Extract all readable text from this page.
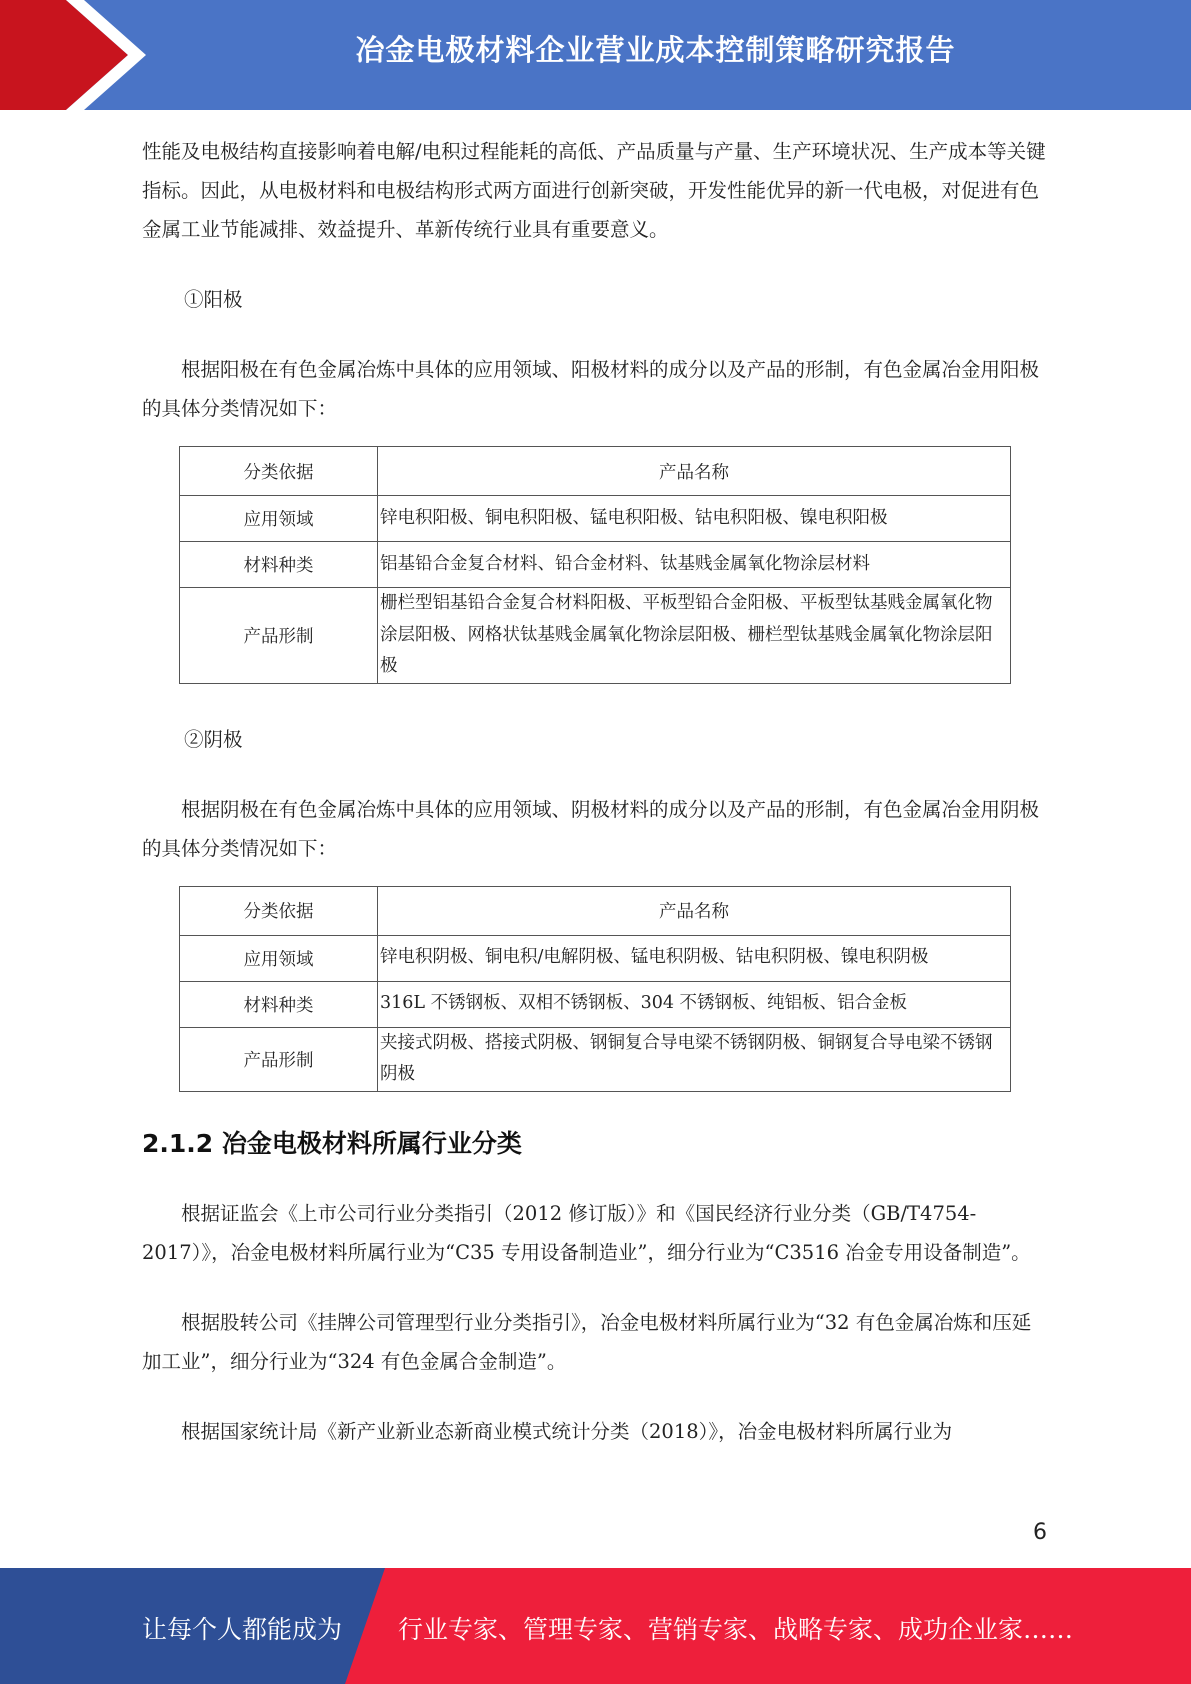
冶金电极材料企业营业成本控制策略研究报告

性能及电极结构直接影响着电解/电积过程能耗的高低、产品质量与产量、生产环境状况、生产成本等关键指标。因此，从电极材料和电极结构形式两方面进行创新突破，开发性能优异的新一代电极，对促进有色金属工业节能减排、效益提升、革新传统行业具有重要意义。

①阳极

根据阳极在有色金属冶炼中具体的应用领域、阳极材料的成分以及产品的形制，有色金属冶金用阳极的具体分类情况如下：

分类依据	产品名称
应用领域	锌电积阳极、铜电积阳极、锰电积阳极、钴电积阳极、镍电积阳极
材料种类	铝基铅合金复合材料、铅合金材料、钛基贱金属氧化物涂层材料
产品形制	栅栏型铝基铅合金复合材料阳极、平板型铅合金阳极、平板型钛基贱金属氧化物涂层阳极、网格状钛基贱金属氧化物涂层阳极、栅栏型钛基贱金属氧化物涂层阳极

②阴极

根据阴极在有色金属冶炼中具体的应用领域、阴极材料的成分以及产品的形制，有色金属冶金用阴极的具体分类情况如下：

分类依据	产品名称
应用领域	锌电积阴极、铜电积/电解阴极、锰电积阴极、钴电积阴极、镍电积阴极
材料种类	316L 不锈钢板、双相不锈钢板、304 不锈钢板、纯铝板、铝合金板
产品形制	夹接式阴极、搭接式阴极、钢铜复合导电梁不锈钢阴极、铜钢复合导电梁不锈钢阴极
2.1.2 冶金电极材料所属行业分类

根据证监会《上市公司行业分类指引（2012 修订版）》和《国民经济行业分类（GB/T4754-2017）》，冶金电极材料所属行业为“C35 专用设备制造业”，细分行业为“C3516 冶金专用设备制造”。

根据股转公司《挂牌公司管理型行业分类指引》，冶金电极材料所属行业为“32 有色金属冶炼和压延加工业”，细分行业为“324 有色金属合金制造”。

根据国家统计局《新产业新业态新商业模式统计分类（2018）》，冶金电极材料所属行业为

6
让每个人都能成为 行业专家、管理专家、营销专家、战略专家、成功企业家……
